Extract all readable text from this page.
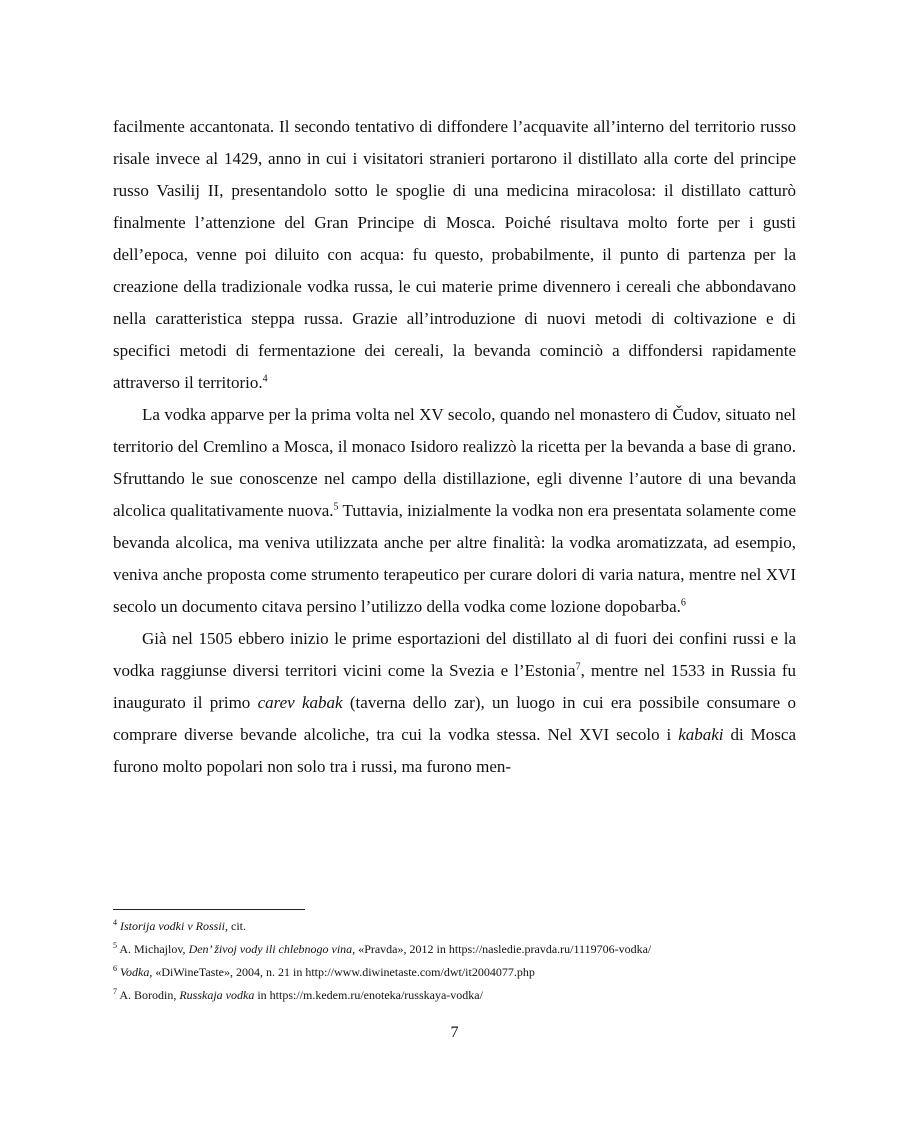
facilmente accantonata. Il secondo tentativo di diffondere l’acquavite all’interno del territorio russo risale invece al 1429, anno in cui i visitatori stranieri portarono il distillato alla corte del principe russo Vasilij II, presentandolo sotto le spoglie di una medicina miracolosa: il distillato catturò finalmente l’attenzione del Gran Principe di Mosca. Poiché risultava molto forte per i gusti dell’epoca, venne poi diluito con acqua: fu questo, probabilmente, il punto di partenza per la creazione della tradizionale vodka russa, le cui materie prime divennero i cereali che abbondavano nella caratteristica steppa russa. Grazie all’introduzione di nuovi metodi di coltivazione e di specifici metodi di fermentazione dei cereali, la bevanda cominciò a diffondersi rapidamente attraverso il territorio.$^4$

La vodka apparve per la prima volta nel XV secolo, quando nel monastero di Čudov, situato nel territorio del Cremlino a Mosca, il monaco Isidoro realizzò la ricetta per la bevanda a base di grano. Sfruttando le sue conoscenze nel campo della distillazione, egli divenne l’autore di una bevanda alcolica qualitativamente nuova.$^5$ Tuttavia, inizialmente la vodka non era presentata solamente come bevanda alcolica, ma veniva utilizzata anche per altre finalità: la vodka aromatizzata, ad esempio, veniva anche proposta come strumento terapeutico per curare dolori di varia natura, mentre nel XVI secolo un documento citava persino l’utilizzo della vodka come lozione dopobarba.$^6$

Già nel 1505 ebbero inizio le prime esportazioni del distillato al di fuori dei confini russi e la vodka raggiunse diversi territori vicini come la Svezia e l’Estonia$^7$, mentre nel 1533 in Russia fu inaugurato il primo carev kabak (taverna dello zar), un luogo in cui era possibile consumare o comprare diverse bevande alcoliche, tra cui la vodka stessa. Nel XVI secolo i kabaki di Mosca furono molto popolari non solo tra i russi, ma furono men-

$^4$ Istorija vodki v Rossii, cit.
$^5$ A. Michajlov, Den’ živoj vody ili chlebnogo vina, «Pravda», 2012 in https://nasledie.pravda.ru/1119706-vodka/
$^6$ Vodka, «DiWineTaste», 2004, n. 21 in http://www.diwinetaste.com/dwt/it2004077.php
$^7$ A. Borodin, Russkaja vodka in https://m.kedem.ru/enoteka/russkaya-vodka/
7
